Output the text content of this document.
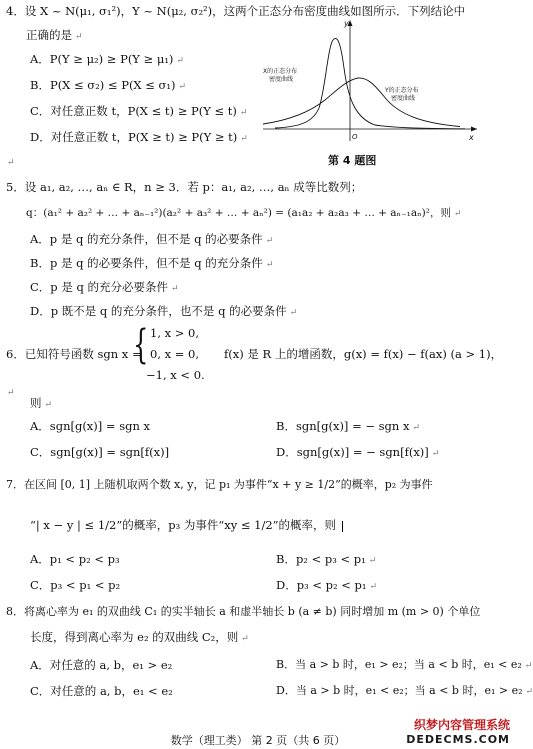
4．设 X ~ N(μ₁, σ₁²)，Y ~ N(μ₂, σ₂²)，这两个正态分布密度曲线如图所示．下列结论中
正确的是 ↵
A．P(Y ≥ μ₂) ≥ P(Y ≥ μ₁) ↵
B．P(X ≤ σ₂) ≤ P(X ≤ σ₁) ↵
C．对任意正数 t，P(X ≤ t) ≥ P(Y ≤ t) ↵
D．对任意正数 t，P(X ≥ t) ≥ P(Y ≥ t) ↵
y
x
O
X的正态分布
密度曲线
Y的正态分布
密度曲线
第 4 题图
↵
5．设 a₁, a₂, …, aₙ ∈ R，n ≥ 3．若 p：a₁, a₂, …, aₙ 成等比数列；
q：(a₁² + a₂² + … + aₙ₋₁²)(a₂² + a₃² + … + aₙ²) = (a₁a₂ + a₂a₃ + … + aₙ₋₁aₙ)²，则 ↵
A．p 是 q 的充分条件，但不是 q 的必要条件 ↵
B．p 是 q 的必要条件，但不是 q 的充分条件 ↵
C．p 是 q 的充分必要条件 ↵
D．p 既不是 q 的充分条件，也不是 q 的必要条件 ↵
6．已知符号函数 sgn x =
{ 1, x > 0,
0, x = 0,
−1, x < 0.
f(x) 是 R 上的增函数，g(x) = f(x) − f(ax) (a > 1)，
↵
则 ↵
A．sgn[g(x)] = sgn x	B．sgn[g(x)] = − sgn x ↵
C．sgn[g(x)] = sgn[f(x)]	D．sgn[g(x)] = − sgn[f(x)] ↵
7．在区间 [0, 1] 上随机取两个数 x, y，记 p₁ 为事件“x + y ≥ 1/2”的概率，p₂ 为事件
“| x − y | ≤ 1/2”的概率，p₃ 为事件“xy ≤ 1/2”的概率，则
A．p₁ < p₂ < p₃	B．p₂ < p₃ < p₁ ↵
C．p₃ < p₁ < p₂	D．p₃ < p₂ < p₁ ↵
8．将离心率为 e₁ 的双曲线 C₁ 的实半轴长 a 和虚半轴长 b (a ≠ b) 同时增加 m (m > 0) 个单位
长度，得到离心率为 e₂ 的双曲线 C₂，则 ↵
A．对任意的 a, b，e₁ > e₂	B．当 a > b 时，e₁ > e₂；当 a < b 时，e₁ < e₂ ↵
C．对任意的 a, b，e₁ < e₂	D．当 a > b 时，e₁ < e₂；当 a < b 时，e₁ > e₂ ↵
数学（理工类） 第 2 页（共 6 页）
织梦内容管理系统
DEDECMS.COM
